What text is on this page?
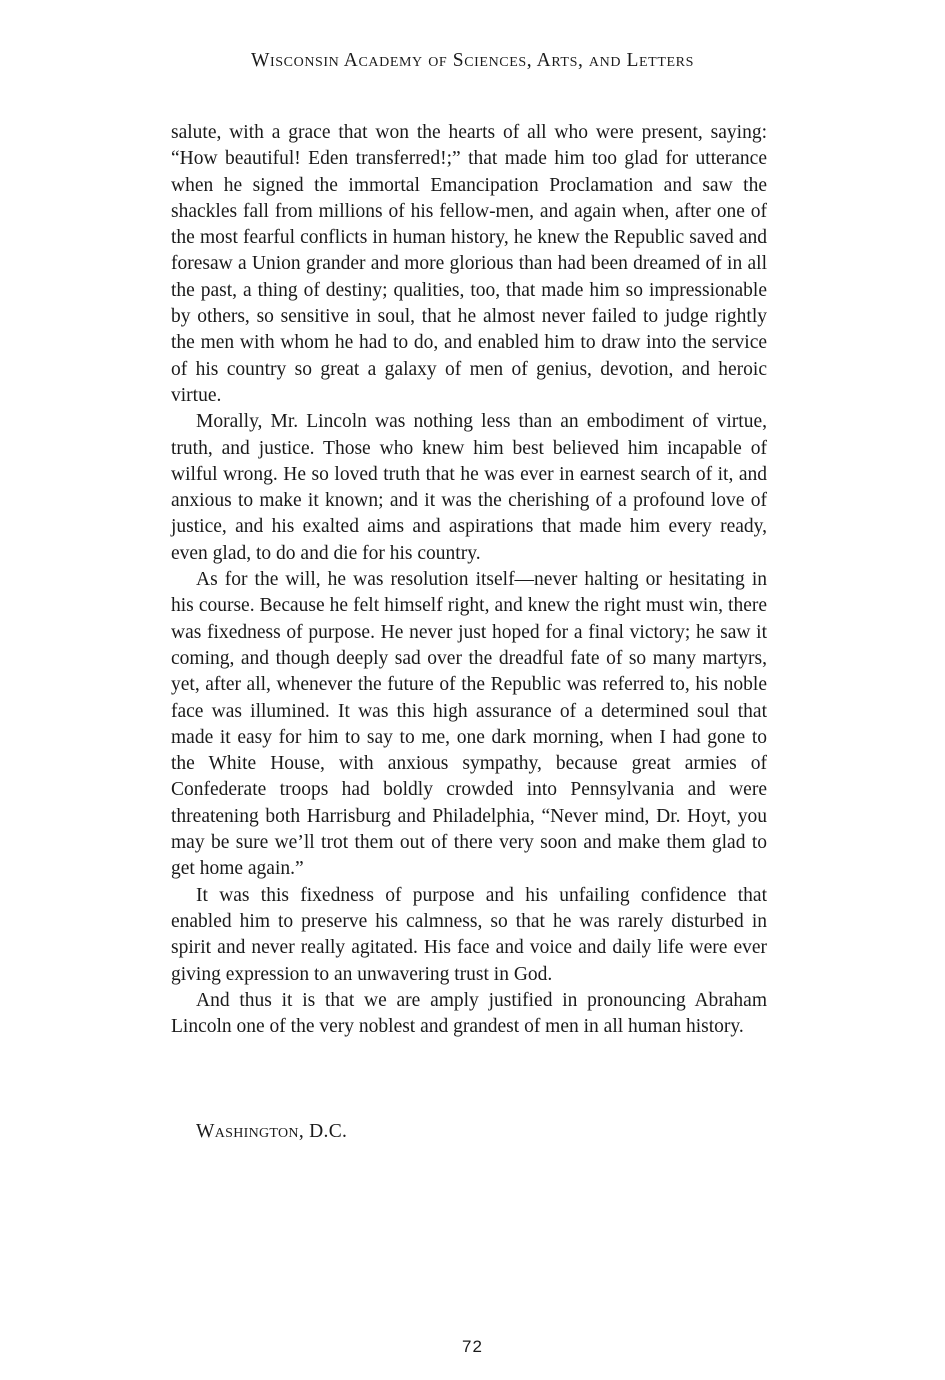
Wisconsin Academy of Sciences, Arts, and Letters

salute, with a grace that won the hearts of all who were present, saying: “How beautiful! Eden transferred!;” that made him too glad for utterance when he signed the immortal Emancipation Proclamation and saw the shackles fall from millions of his fellow-men, and again when, after one of the most fearful conflicts in human history, he knew the Republic saved and foresaw a Union grander and more glorious than had been dreamed of in all the past, a thing of destiny; qualities, too, that made him so impressionable by others, so sensitive in soul, that he almost never failed to judge rightly the men with whom he had to do, and enabled him to draw into the service of his country so great a galaxy of men of genius, devotion, and heroic virtue.

Morally, Mr. Lincoln was nothing less than an embodiment of virtue, truth, and justice. Those who knew him best believed him incapable of wilful wrong. He so loved truth that he was ever in earnest search of it, and anxious to make it known; and it was the cherishing of a profound love of justice, and his exalted aims and aspirations that made him every ready, even glad, to do and die for his country.

As for the will, he was resolution itself—never halting or hesitating in his course. Because he felt himself right, and knew the right must win, there was fixedness of purpose. He never just hoped for a final victory; he saw it coming, and though deeply sad over the dreadful fate of so many martyrs, yet, after all, whenever the future of the Republic was referred to, his noble face was illumined. It was this high assurance of a determined soul that made it easy for him to say to me, one dark morning, when I had gone to the White House, with anxious sympathy, because great armies of Confederate troops had boldly crowded into Pennsylvania and were threatening both Harrisburg and Philadelphia, “Never mind, Dr. Hoyt, you may be sure we’ll trot them out of there very soon and make them glad to get home again.”

It was this fixedness of purpose and his unfailing confidence that enabled him to preserve his calmness, so that he was rarely disturbed in spirit and never really agitated. His face and voice and daily life were ever giving expression to an unwavering trust in God.

And thus it is that we are amply justified in pronouncing Abraham Lincoln one of the very noblest and grandest of men in all human history.

Washington, D.C.
72
